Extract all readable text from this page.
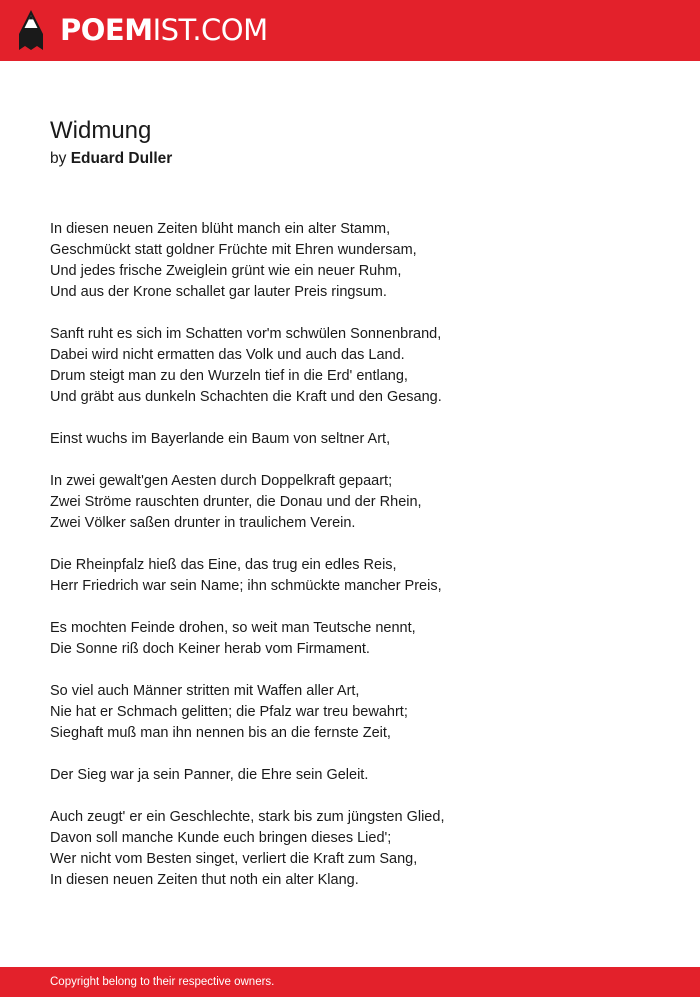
POEMIST.COM
Widmung
by Eduard Duller
In diesen neuen Zeiten blüht manch ein alter Stamm,
Geschmückt statt goldner Früchte mit Ehren wundersam,
Und jedes frische Zweiglein grünt wie ein neuer Ruhm,
Und aus der Krone schallet gar lauter Preis ringsum.
Sanft ruht es sich im Schatten vor'm schwülen Sonnenbrand,
Dabei wird nicht ermatten das Volk und auch das Land.
Drum steigt man zu den Wurzeln tief in die Erd' entlang,
Und gräbt aus dunkeln Schachten die Kraft und den Gesang.
Einst wuchs im Bayerlande ein Baum von seltner Art,
In zwei gewalt'gen Aesten durch Doppelkraft gepaart;
Zwei Ströme rauschten drunter, die Donau und der Rhein,
Zwei Völker saßen drunter in traulichem Verein.
Die Rheinpfalz hieß das Eine, das trug ein edles Reis,
Herr Friedrich war sein Name; ihn schmückte mancher Preis,
Es mochten Feinde drohen, so weit man Teutsche nennt,
Die Sonne riß doch Keiner herab vom Firmament.
So viel auch Männer stritten mit Waffen aller Art,
Nie hat er Schmach gelitten; die Pfalz war treu bewahrt;
Sieghaft muß man ihn nennen bis an die fernste Zeit,
Der Sieg war ja sein Panner, die Ehre sein Geleit.
Auch zeugt' er ein Geschlechte, stark bis zum jüngsten Glied,
Davon soll manche Kunde euch bringen dieses Lied';
Wer nicht vom Besten singet, verliert die Kraft zum Sang,
In diesen neuen Zeiten thut noth ein alter Klang.
Copyright belong to their respective owners.
